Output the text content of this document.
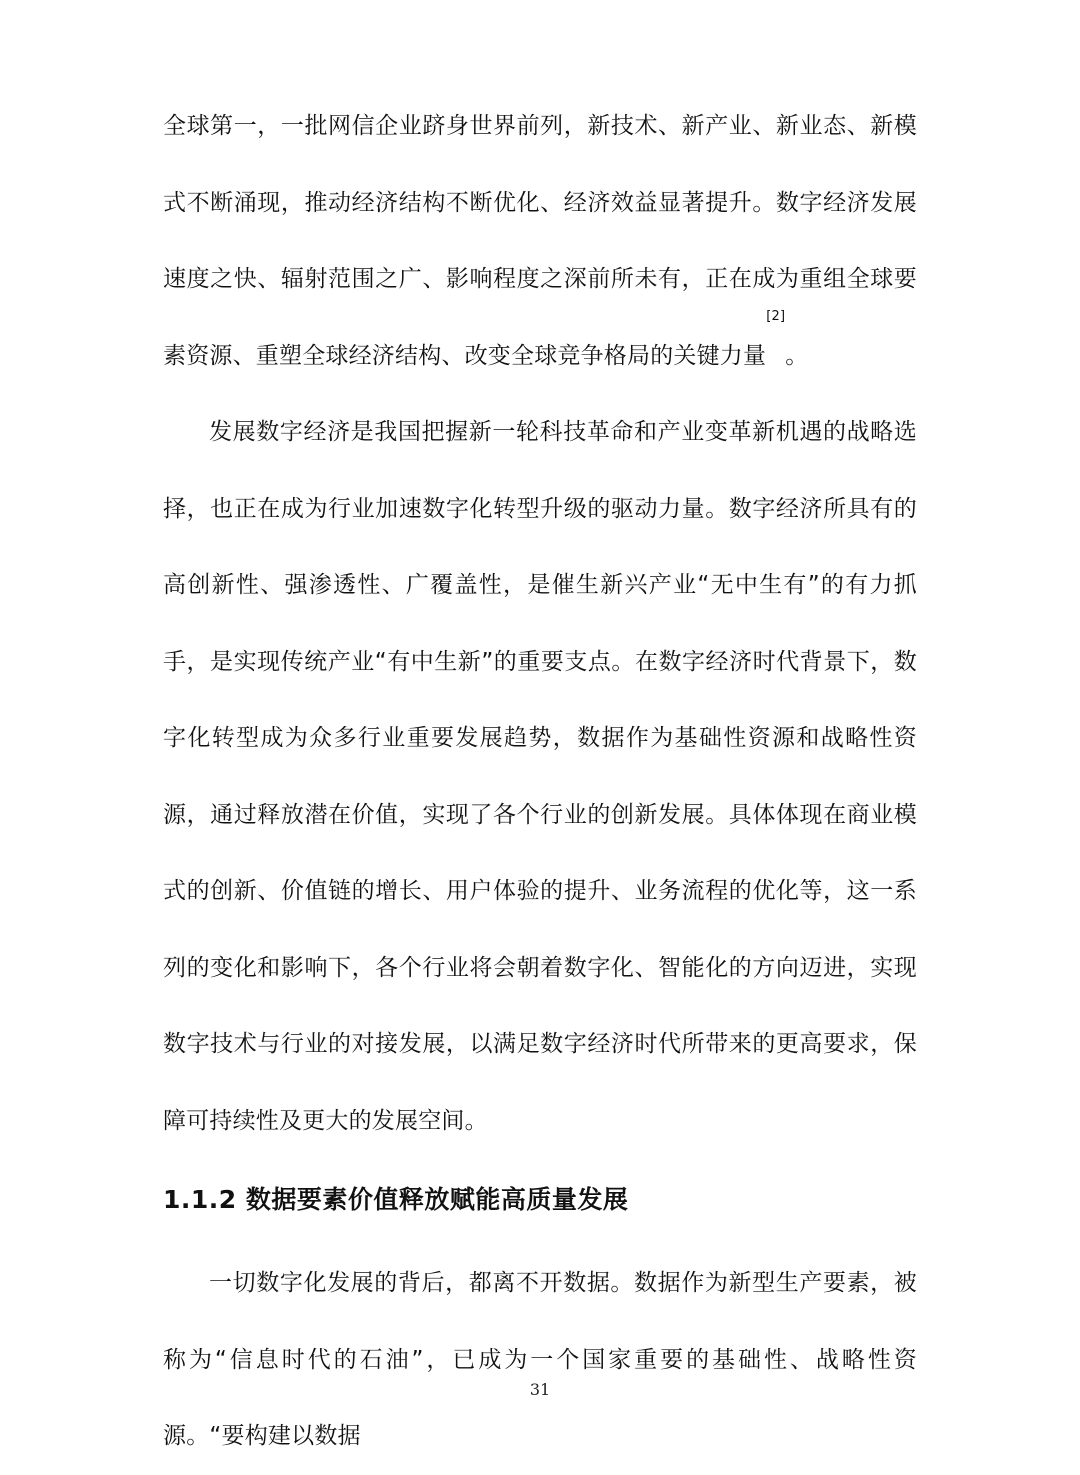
全球第一，一批网信企业跻身世界前列，新技术、新产业、新业态、新模式不断涌现，推动经济结构不断优化、经济效益显著提升。数字经济发展速度之快、辐射范围之广、影响程度之深前所未有，正在成为重组全球要素资源、重塑全球经济结构、改变全球竞争格局的关键力量[2]。

发展数字经济是我国把握新一轮科技革命和产业变革新机遇的战略选择，也正在成为行业加速数字化转型升级的驱动力量。数字经济所具有的高创新性、强渗透性、广覆盖性，是催生新兴产业“无中生有”的有力抓手，是实现传统产业“有中生新”的重要支点。在数字经济时代背景下，数字化转型成为众多行业重要发展趋势，数据作为基础性资源和战略性资源，通过释放潜在价值，实现了各个行业的创新发展。具体体现在商业模式的创新、价值链的增长、用户体验的提升、业务流程的优化等，这一系列的变化和影响下，各个行业将会朝着数字化、智能化的方向迈进，实现数字技术与行业的对接发展，以满足数字经济时代所带来的更高要求，保障可持续性及更大的发展空间。

1.1.2 数据要素价值释放赋能高质量发展

一切数字化发展的背后，都离不开数据。数据作为新型生产要素，被称为“信息时代的石油”，已成为一个国家重要的基础性、战略性资源。“要构建以数据

31
